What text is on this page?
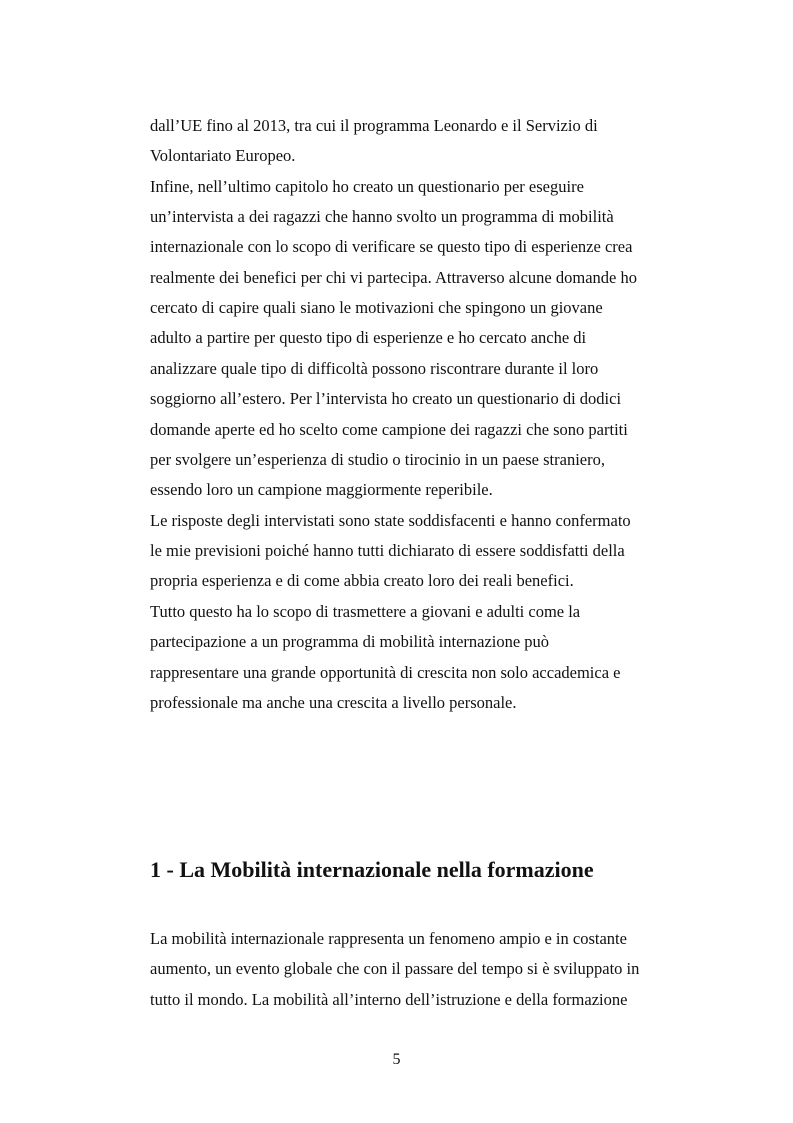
dall’UE fino al 2013, tra cui il programma Leonardo e il Servizio di
Volontariato Europeo.
Infine, nell’ultimo capitolo ho creato un questionario per eseguire
un’intervista a dei ragazzi che hanno svolto un programma di mobilità
internazionale con lo scopo di verificare se questo tipo di esperienze crea
realmente dei benefici per chi vi partecipa. Attraverso alcune domande ho
cercato di capire quali siano le motivazioni che spingono un giovane
adulto a partire per questo tipo di esperienze e ho cercato anche di
analizzare quale tipo di difficoltà possono riscontrare durante il loro
soggiorno all’estero. Per l’intervista ho creato un questionario di dodici
domande aperte ed ho scelto come campione dei ragazzi che sono partiti
per svolgere un’esperienza di studio o tirocinio in un paese straniero,
essendo loro un campione maggiormente reperibile.
Le risposte degli intervistati sono state soddisfacenti e hanno confermato
le mie previsioni poiché hanno tutti dichiarato di essere soddisfatti della
propria esperienza e di come abbia creato loro dei reali benefici.
Tutto questo ha lo scopo di trasmettere a giovani e adulti come la
partecipazione a un programma di mobilità internazione può
rappresentare una grande opportunità di crescita non solo accademica e
professionale ma anche una crescita a livello personale.
1 - La Mobilità internazionale nella formazione
La mobilità internazionale rappresenta un fenomeno ampio e in costante
aumento, un evento globale che con il passare del tempo si è sviluppato in
tutto il mondo. La mobilità all’interno dell’istruzione e della formazione
5
